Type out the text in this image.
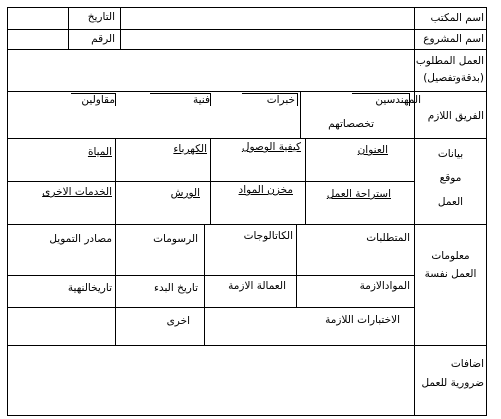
اسم المكتب
اسم المشروع
التاريخ
الرقم
العمل المطلوب
(بدقةوتفصيل)
الفريق اللازم
المهندسين
تخصصاتهم
خبرات
فنية
مقاولين
بيانات
موقع
العمل
العنوان
كيفية الوصول
الكهرباء
المياة
استراحة العمل
مخزن المواد
الورش
الخدمات الاخرى
معلومات
العمل نفسة
المتطلبات
الكاتالوجات
الرسومات
مصادر التمويل
الموادالازمة
العمالة الازمة
تاريخ البدء
تاريخالنهية
الاختبارات اللازمة
اخرى
اضافات
ضرورية للعمل
